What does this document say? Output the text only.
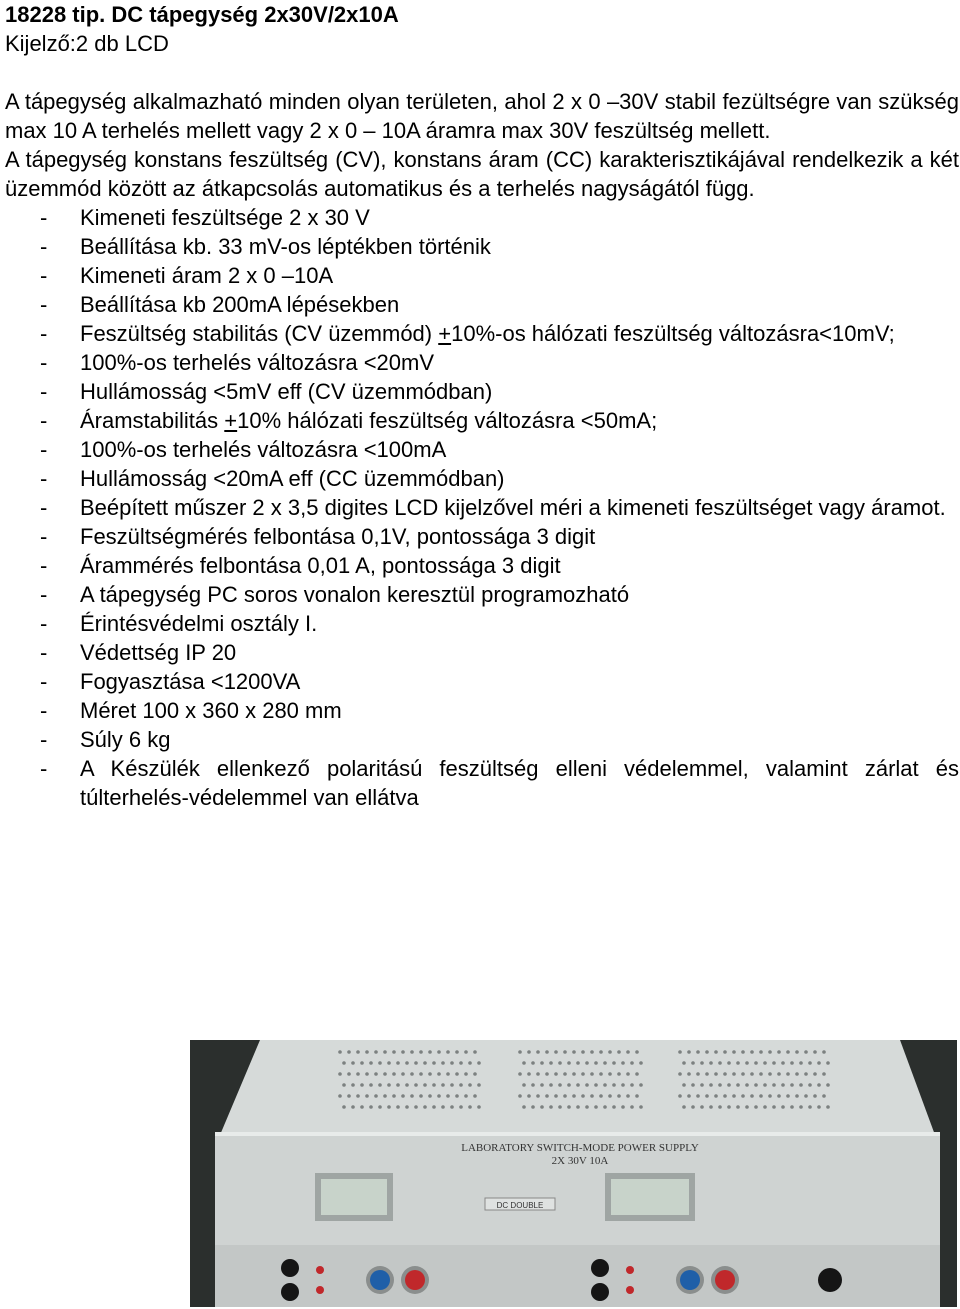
18228 tip. DC tápegység 2x30V/2x10A
Kijelző:2 db LCD
A tápegység alkalmazható minden olyan területen, ahol 2 x 0 –30V stabil fezültségre van szükség max 10 A terhelés mellett vagy 2 x 0 – 10A áramra max 30V feszültség mellett.
A tápegység konstans feszültség (CV), konstans áram (CC) karakterisztikájával rendelkezik a két üzemmód között az átkapcsolás automatikus és a terhelés nagyságától függ.
- Kimeneti feszültsége 2 x 30 V
- Beállítása kb. 33 mV-os léptékben történik
- Kimeneti áram 2 x 0 –10A
- Beállítása kb 200mA lépésekben
- Feszültség stabilitás (CV üzemmód) +10%-os hálózati feszültség változásra<10mV;
- 100%-os terhelés változásra <20mV
- Hullámosság <5mV eff (CV üzemmódban)
- Áramstabilitás +10% hálózati feszültség változásra <50mA;
- 100%-os terhelés változásra <100mA
- Hullámosság <20mA eff (CC üzemmódban)
- Beépített műszer 2 x 3,5 digites LCD kijelzővel méri a kimeneti feszültséget vagy áramot.
- Feszültségmérés felbontása 0,1V, pontossága 3 digit
- Árammérés felbontása 0,01 A, pontossága 3 digit
- A tápegység PC soros vonalon keresztül programozható
- Érintésvédelmi osztály I.
- Védettség IP 20
- Fogyasztása <1200VA
- Méret 100 x 360 x 280 mm
- Súly 6 kg
- A Készülék ellenkező polaritású feszültség elleni védelemmel, valamint zárlat és túlterhelés-védelemmel van ellátva
LABORATORY SWITCH-MODE POWER SUPPLY
2X 30V 10A
DC DOUBLE
